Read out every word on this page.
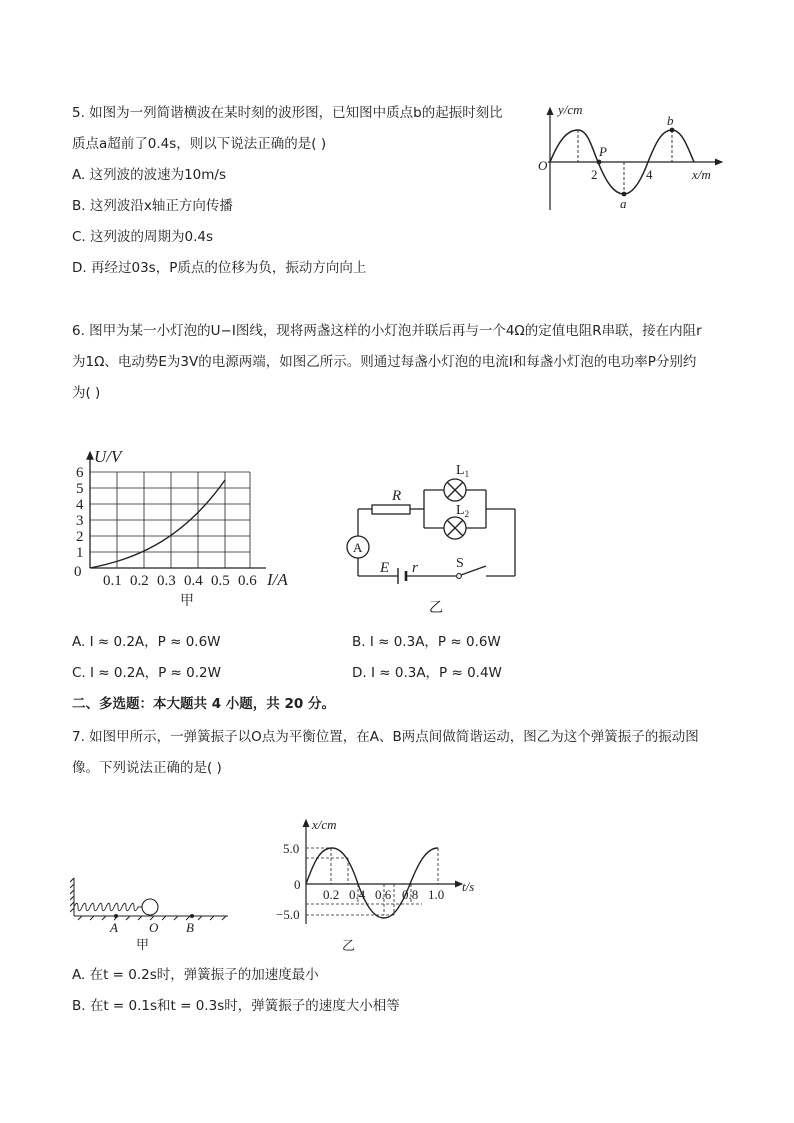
5. 如图为一列简谐横波在某时刻的波形图，已知图中质点b的起振时刻比
质点a超前了0.4s，则以下说法正确的是( )
A. 这列波的波速为10m/s
B. 这列波沿x轴正方向传播
C. 这列波的周期为0.4s
D. 再经过03s，P质点的位移为负，振动方向向上
y/cm
x/m
O
2	4
P
a
b
6. 图甲为某一小灯泡的U−I图线，现将两盏这样的小灯泡并联后再与一个4Ω的定值电阻R串联，接在内阻r
为1Ω、电动势E为3V的电源两端，如图乙所示。则通过每盏小灯泡的电流I和每盏小灯泡的电功率P分别约
为( )
U/V
0
1
2
3
4
5
6
0.1 0.2 0.3 0.4 0.5 0.6 I/A
甲
A
R
$L_1$
$L_2$
E r	S
乙
A. I ≈ 0.2A，P ≈ 0.6W	B. I ≈ 0.3A，P ≈ 0.6W
C. I ≈ 0.2A，P ≈ 0.2W	D. I ≈ 0.3A，P ≈ 0.4W
二、多选题：本大题共 4 小题，共 20 分。
7. 如图甲所示，一弹簧振子以O点为平衡位置，在A、B两点间做简谐运动，图乙为这个弹簧振子的振动图
像。下列说法正确的是( )
A O B
甲
x/cm
5.0
0
−5.0
0.2 0.4 0.6 0.8 1.0
t/s
乙
A. 在t = 0.2s时，弹簧振子的加速度最小
B. 在t = 0.1s和t = 0.3s时，弹簧振子的速度大小相等
